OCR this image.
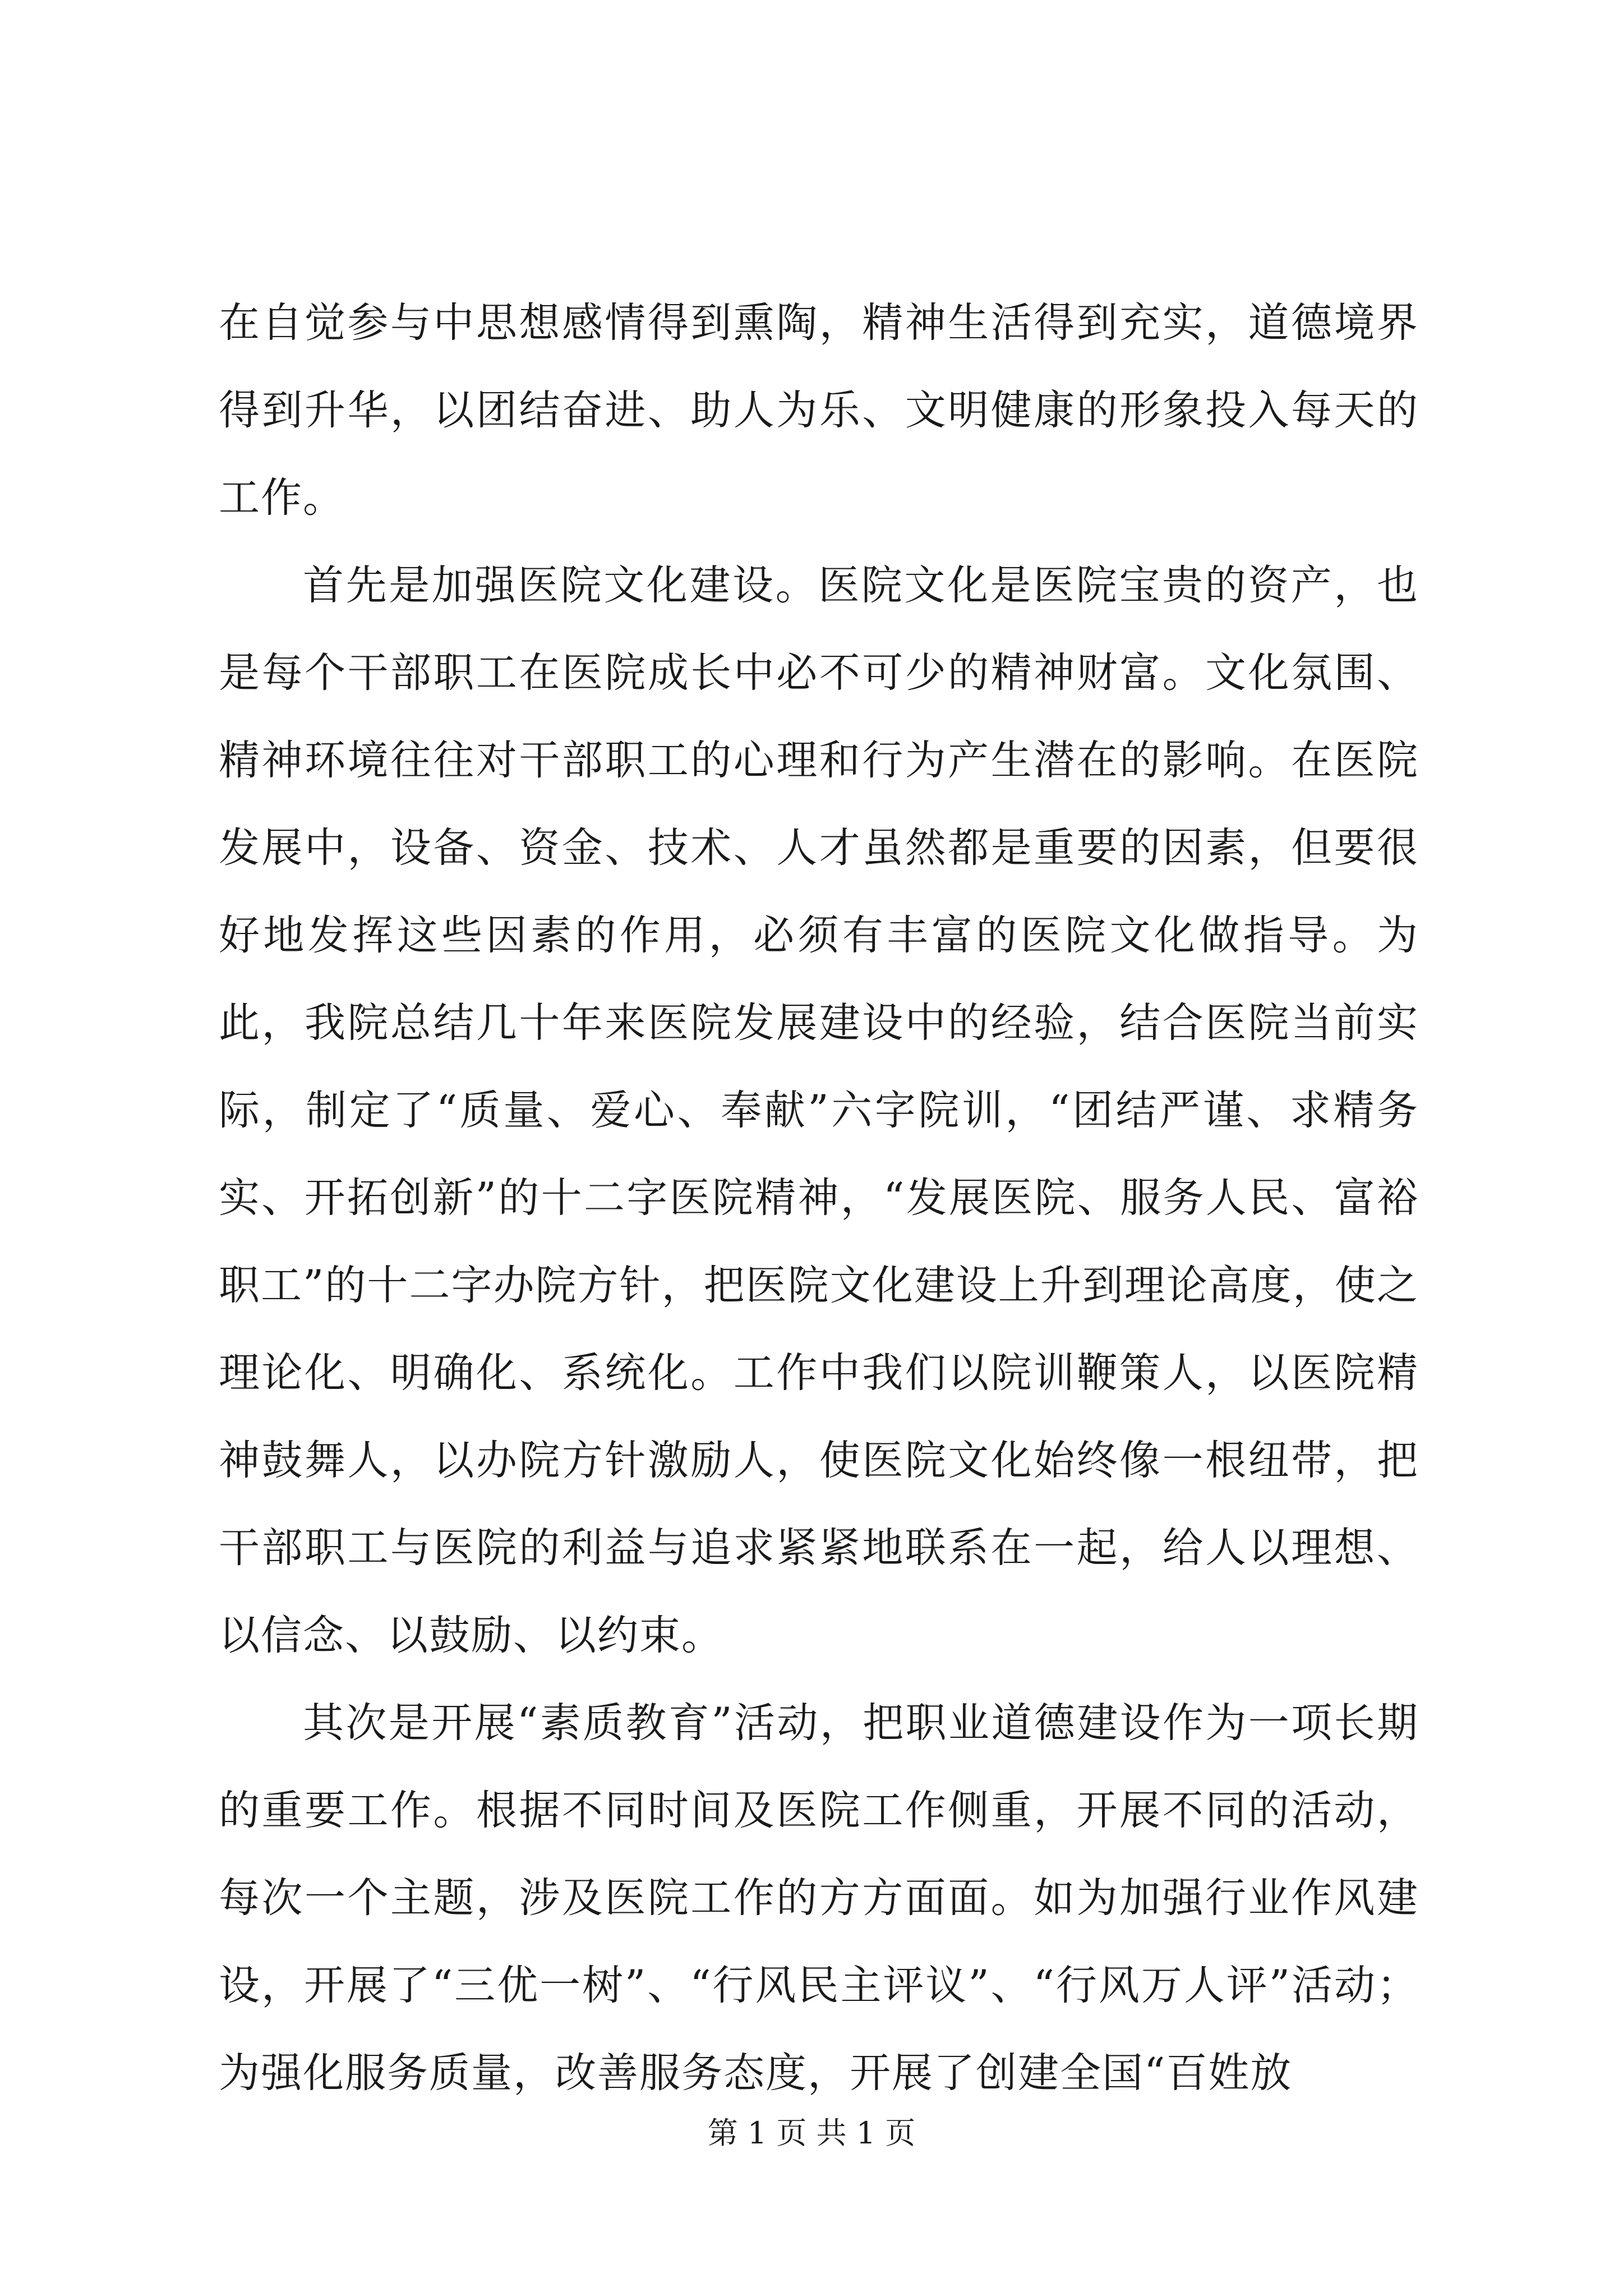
在自觉参与中思想感情得到熏陶，精神生活得到充实，道德境界得到升华，以团结奋进、助人为乐、文明健康的形象投入每天的工作。

首先是加强医院文化建设。医院文化是医院宝贵的资产，也是每个干部职工在医院成长中必不可少的精神财富。文化氛围、精神环境往往对干部职工的心理和行为产生潜在的影响。在医院发展中，设备、资金、技术、人才虽然都是重要的因素，但要很好地发挥这些因素的作用，必须有丰富的医院文化做指导。为此，我院总结几十年来医院发展建设中的经验，结合医院当前实际，制定了“质量、爱心、奉献”六字院训，“团结严谨、求精务实、开拓创新”的十二字医院精神，“发展医院、服务人民、富裕职工”的十二字办院方针，把医院文化建设上升到理论高度，使之理论化、明确化、系统化。工作中我们以院训鞭策人，以医院精神鼓舞人，以办院方针激励人，使医院文化始终像一根纽带，把干部职工与医院的利益与追求紧紧地联系在一起，给人以理想、以信念、以鼓励、以约束。

其次是开展“素质教育”活动，把职业道德建设作为一项长期的重要工作。根据不同时间及医院工作侧重，开展不同的活动，每次一个主题，涉及医院工作的方方面面。如为加强行业作风建设，开展了“三优一树”、“行风民主评议”、“行风万人评”活动；为强化服务质量，改善服务态度，开展了创建全国“百姓放

第 1 页 共 1 页
